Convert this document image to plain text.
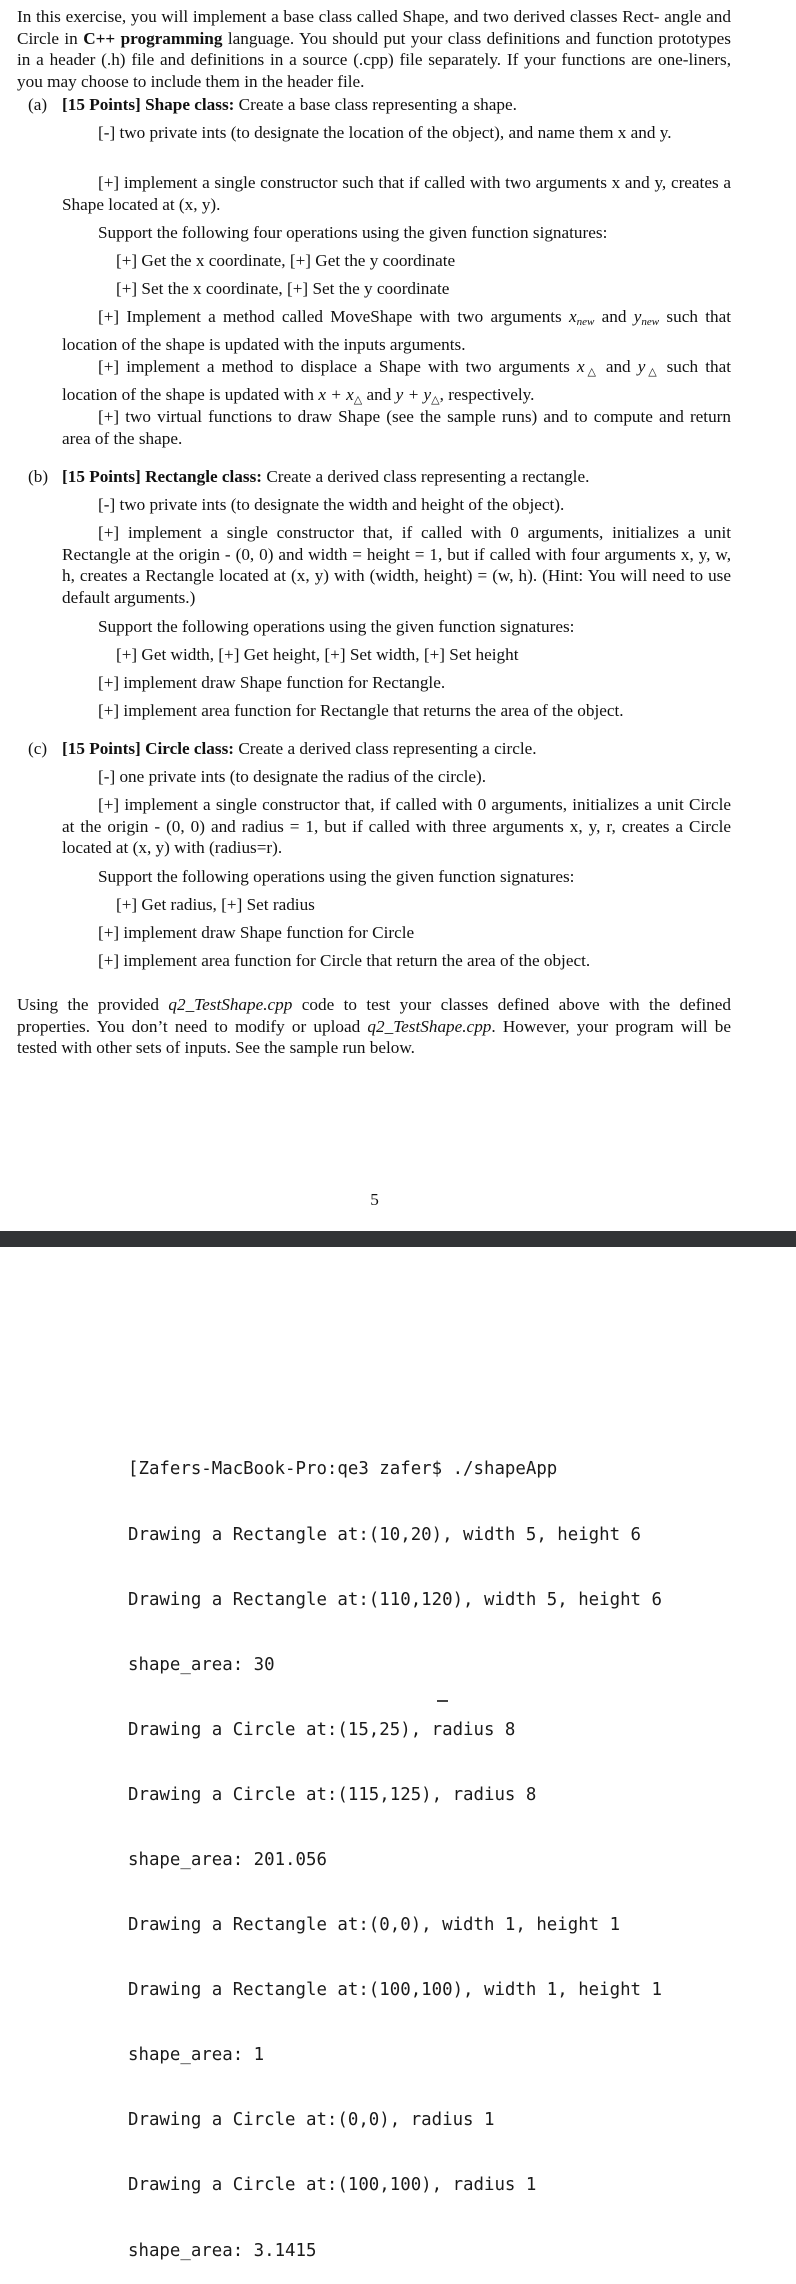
In this exercise, you will implement a base class called Shape, and two derived classes Rect- angle and Circle in C++ programming language. You should put your class definitions and function prototypes in a header (.h) file and definitions in a source (.cpp) file separately. If your functions are one-liners, you may choose to include them in the header file.
(a) [15 Points] Shape class: Create a base class representing a shape.
[-] two private ints (to designate the location of the object), and name them x and y.
[+] implement a single constructor such that if called with two arguments x and y, creates a Shape located at (x, y).
Support the following four operations using the given function signatures:
[+] Get the x coordinate, [+] Get the y coordinate
[+] Set the x coordinate, [+] Set the y coordinate
[+] Implement a method called MoveShape with two arguments xnew and ynew such that location of the shape is updated with the inputs arguments.
[+] implement a method to displace a Shape with two arguments x△ and y△ such that location of the shape is updated with x + x△ and y + y△, respectively.
[+] two virtual functions to draw Shape (see the sample runs) and to compute and return area of the shape.
(b) [15 Points] Rectangle class: Create a derived class representing a rectangle.
[-] two private ints (to designate the width and height of the object).
[+] implement a single constructor that, if called with 0 arguments, initializes a unit Rectangle at the origin - (0, 0) and width = height = 1, but if called with four arguments x, y, w, h, creates a Rectangle located at (x, y) with (width, height) = (w, h). (Hint: You will need to use default arguments.)
Support the following operations using the given function signatures:
[+] Get width, [+] Get height, [+] Set width, [+] Set height
[+] implement draw Shape function for Rectangle.
[+] implement area function for Rectangle that returns the area of the object.
(c) [15 Points] Circle class: Create a derived class representing a circle.
[-] one private ints (to designate the radius of the circle).
[+] implement a single constructor that, if called with 0 arguments, initializes a unit Circle at the origin - (0, 0) and radius = 1, but if called with three arguments x, y, r, creates a Circle located at (x, y) with (radius=r).
Support the following operations using the given function signatures:
[+] Get radius, [+] Set radius
[+] implement draw Shape function for Circle
[+] implement area function for Circle that return the area of the object.
Using the provided q2_TestShape.cpp code to test your classes defined above with the defined properties. You don’t need to modify or upload q2_TestShape.cpp. However, your program will be tested with other sets of inputs. See the sample run below.
5

[Zafers-MacBook-Pro:qe3 zafer$ ./shapeApp

Drawing a Rectangle at:(10,20), width 5, height 6

Drawing a Rectangle at:(110,120), width 5, height 6

shape_area: 30

Drawing a Circle at:(15,25), radius 8

Drawing a Circle at:(115,125), radius 8

shape_area: 201.056

Drawing a Rectangle at:(0,0), width 1, height 1

Drawing a Rectangle at:(100,100), width 1, height 1

shape_area: 1

Drawing a Circle at:(0,0), radius 1

Drawing a Circle at:(100,100), radius 1

shape_area: 3.1415
